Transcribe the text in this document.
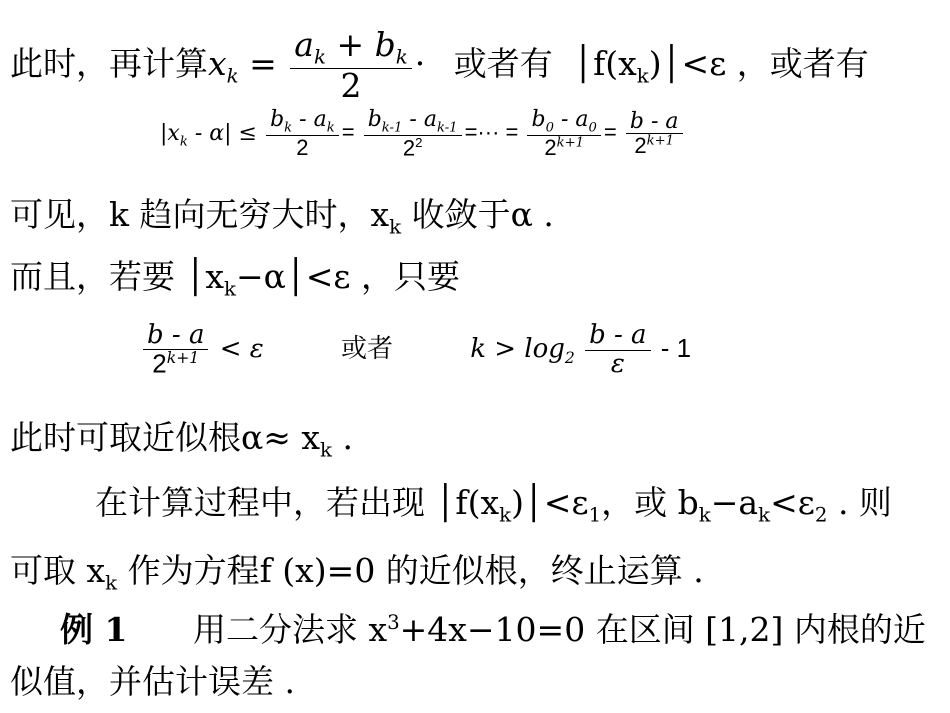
此时，再计算$x_k = \frac{a_k + b_k}{2}$ · 或者有 $│f(x_k)│<\varepsilon$ ，或者有
$|x_k - \alpha| \le \frac{b_k - a_k}{2} = \frac{b_{k-1} - a_{k-1}}{2^2}$ =··· = $\frac{b_0 - a_0}{2^{k+1}} = \frac{b - a}{2^{k+1}}$
可见，k 趋向无穷大时，$x_k$ 收敛于α .
而且，若要 $│x_k-\alpha│<\varepsilon$ ，只要
$\frac{b - a}{2^{k+1}} < \varepsilon$	或者	$k > \log_2 \frac{b - a}{\varepsilon} - 1$
此时可取近似根$\alpha\approx x_k$ .
在计算过程中，若出现 $│f(x_k)│<\varepsilon_1$，或 $b_k-a_k<\varepsilon_2$ . 则
可取 $x_k$ 作为方程f (x)=0 的近似根，终止运算 .
例 1 用二分法求 $x^3+4x-10=0$ 在区间 [1,2] 内根的近
似值，并估计误差 .
